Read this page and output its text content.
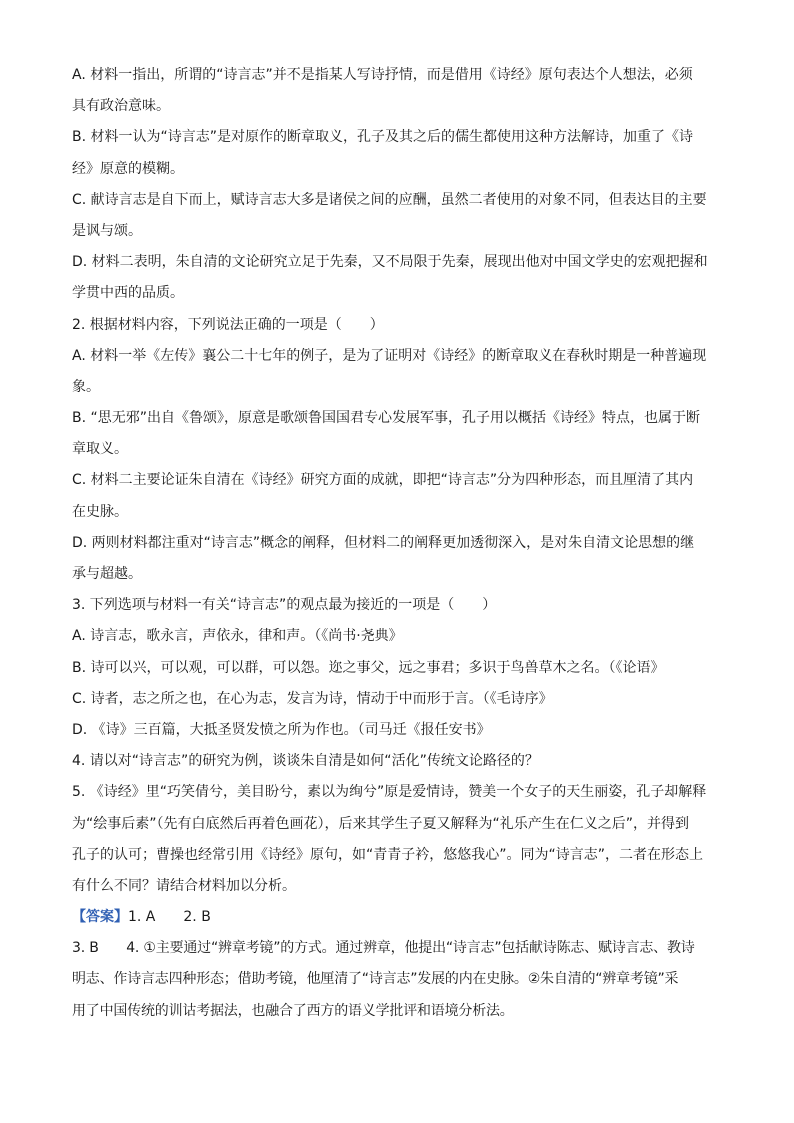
A. 材料一指出，所谓的“诗言志”并不是指某人写诗抒情，而是借用《诗经》原句表达个人想法，必须
具有政治意味。
B. 材料一认为“诗言志”是对原作的断章取义，孔子及其之后的儒生都使用这种方法解诗，加重了《诗
经》原意的模糊。
C. 献诗言志是自下而上，赋诗言志大多是诸侯之间的应酬，虽然二者使用的对象不同，但表达目的主要
是讽与颂。
D. 材料二表明，朱自清的文论研究立足于先秦，又不局限于先秦，展现出他对中国文学史的宏观把握和
学贯中西的品质。
2. 根据材料内容，下列说法正确的一项是（　　）
A. 材料一举《左传》襄公二十七年的例子，是为了证明对《诗经》的断章取义在春秋时期是一种普遍现
象。
B. “思无邪”出自《鲁颂》，原意是歌颂鲁国国君专心发展军事，孔子用以概括《诗经》特点，也属于断
章取义。
C. 材料二主要论证朱自清在《诗经》研究方面的成就，即把“诗言志”分为四种形态，而且厘清了其内
在史脉。
D. 两则材料都注重对“诗言志”概念的阐释，但材料二的阐释更加透彻深入，是对朱自清文论思想的继
承与超越。
3. 下列选项与材料一有关“诗言志”的观点最为接近的一项是（　　）
A. 诗言志，歌永言，声依永，律和声。（《尚书·尧典》
B. 诗可以兴，可以观，可以群，可以怨。迩之事父，远之事君；多识于鸟兽草木之名。（《论语》
C. 诗者，志之所之也，在心为志，发言为诗，情动于中而形于言。（《毛诗序》
D. 《诗》三百篇，大抵圣贤发愤之所为作也。（司马迁《报任安书》
4. 请以对“诗言志”的研究为例，谈谈朱自清是如何“活化”传统文论路径的？
5. 《诗经》里“巧笑倩兮，美目盼兮，素以为绚兮”原是爱情诗，赞美一个女子的天生丽姿，孔子却解释
为“绘事后素”（先有白底然后再着色画花），后来其学生子夏又解释为“礼乐产生在仁义之后”，并得到
孔子的认可；曹操也经常引用《诗经》原句，如“青青子衿，悠悠我心”。同为“诗言志”，二者在形态上
有什么不同？请结合材料加以分析。
【答案】1. A 2. B
3. B　　4. ①主要通过“辨章考镜”的方式。通过辨章，他提出“诗言志”包括献诗陈志、赋诗言志、教诗
明志、作诗言志四种形态；借助考镜，他厘清了“诗言志”发展的内在史脉。②朱自清的“辨章考镜”采
用了中国传统的训诂考据法，也融合了西方的语义学批评和语境分析法。
